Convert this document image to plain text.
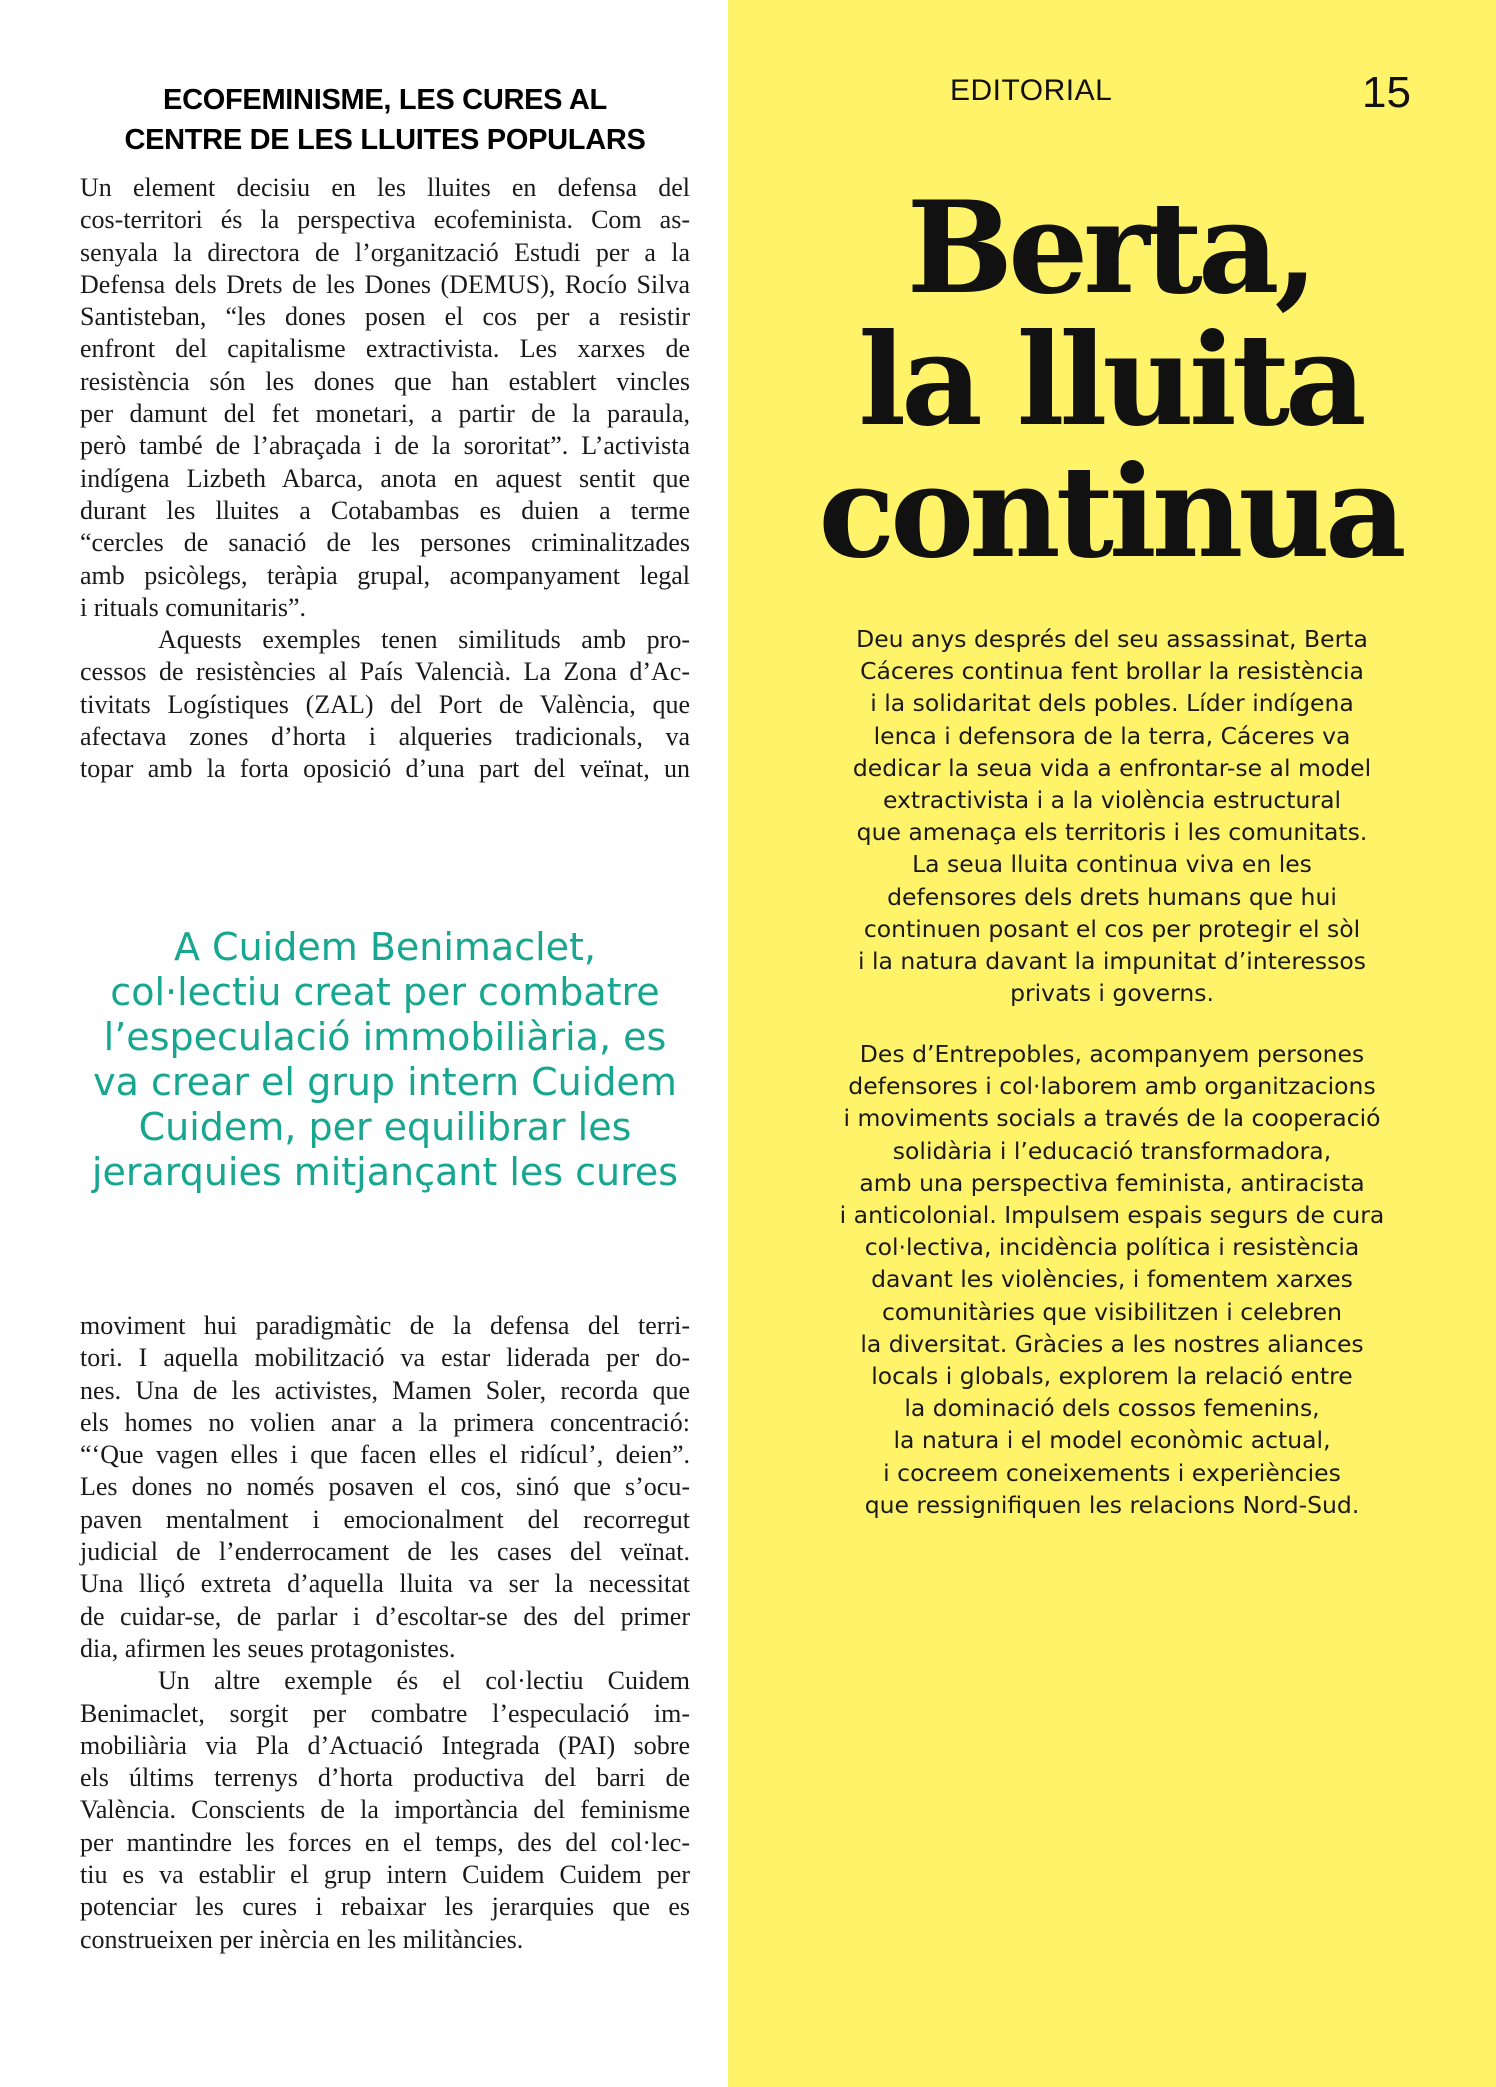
ECOFEMINISME, LES CURES AL
CENTRE DE LES LLUITES POPULARS
Un element decisiu en les lluites en defensa del
cos-territori és la perspectiva ecofeminista. Com as-
senyala la directora de l’organització Estudi per a la
Defensa dels Drets de les Dones (DEMUS), Rocío Silva
Santisteban, “les dones posen el cos per a resistir
enfront del capitalisme extractivista. Les xarxes de
resistència són les dones que han establert vincles
per damunt del fet monetari, a partir de la paraula,
però també de l’abraçada i de la sororitat”. L’activista
indígena Lizbeth Abarca, anota en aquest sentit que
durant les lluites a Cotabambas es duien a terme
“cercles de sanació de les persones criminalitzades
amb psicòlegs, teràpia grupal, acompanyament legal
i rituals comunitaris”.
Aquests exemples tenen similituds amb pro-
cessos de resistències al País Valencià. La Zona d’Ac-
tivitats Logístiques (ZAL) del Port de València, que
afectava zones d’horta i alqueries tradicionals, va
topar amb la forta oposició d’una part del veïnat, un
A Cuidem Benimaclet,
col·lectiu creat per combatre
l’especulació immobiliària, es
va crear el grup intern Cuidem
Cuidem, per equilibrar les
jerarquies mitjançant les cures
moviment hui paradigmàtic de la defensa del terri-
tori. I aquella mobilització va estar liderada per do-
nes. Una de les activistes, Mamen Soler, recorda que
els homes no volien anar a la primera concentració:
“‘Que vagen elles i que facen elles el ridícul’, deien”.
Les dones no només posaven el cos, sinó que s’ocu-
paven mentalment i emocionalment del recorregut
judicial de l’enderrocament de les cases del veïnat.
Una lliçó extreta d’aquella lluita va ser la necessitat
de cuidar-se, de parlar i d’escoltar-se des del primer
dia, afirmen les seues protagonistes.
Un altre exemple és el col·lectiu Cuidem
Benimaclet, sorgit per combatre l’especulació im-
mobiliària via Pla d’Actuació Integrada (PAI) sobre
els últims terrenys d’horta productiva del barri de
València. Conscients de la importància del feminisme
per mantindre les forces en el temps, des del col·lec-
tiu es va establir el grup intern Cuidem Cuidem per
potenciar les cures i rebaixar les jerarquies que es
construeixen per inèrcia en les militàncies.
EDITORIAL	15
Berta,
la lluita
continua
Deu anys després del seu assassinat, Berta
Cáceres continua fent brollar la resistència
i la solidaritat dels pobles. Líder indígena
lenca i defensora de la terra, Cáceres va
dedicar la seua vida a enfrontar-se al model
extractivista i a la violència estructural
que amenaça els territoris i les comunitats.
La seua lluita continua viva en les
defensores dels drets humans que hui
continuen posant el cos per protegir el sòl
i la natura davant la impunitat d’interessos
privats i governs.
Des d’Entrepobles, acompanyem persones
defensores i col·laborem amb organitzacions
i moviments socials a través de la cooperació
solidària i l’educació transformadora,
amb una perspectiva feminista, antiracista
i anticolonial. Impulsem espais segurs de cura
col·lectiva, incidència política i resistència
davant les violències, i fomentem xarxes
comunitàries que visibilitzen i celebren
la diversitat. Gràcies a les nostres aliances
locals i globals, explorem la relació entre
la dominació dels cossos femenins,
la natura i el model econòmic actual,
i cocreem coneixements i experiències
que ressignifiquen les relacions Nord-Sud.
